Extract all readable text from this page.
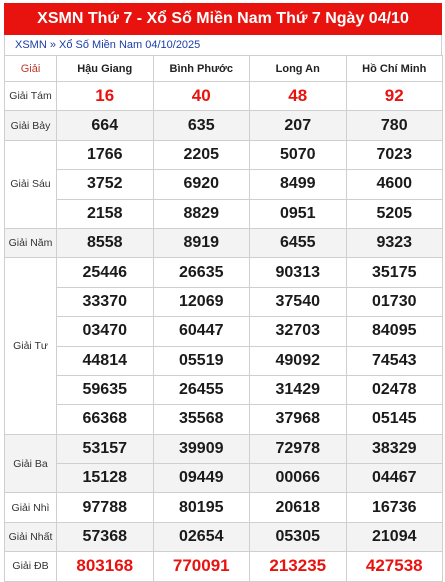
XSMN Thứ 7 - Xổ Số Miền Nam Thứ 7 Ngày 04/10
XSMN » Xổ Số Miền Nam 04/10/2025
Giải	Hậu Giang	Bình Phước	Long An	Hồ Chí Minh
Giải Tám	16	40	48	92
Giải Bảy	664	635	207	780
Giải Sáu	1766	2205	5070	7023
	3752	6920	8499	4600
	2158	8829	0951	5205
Giải Năm	8558	8919	6455	9323
Giải Tư	25446	26635	90313	35175
	33370	12069	37540	01730
	03470	60447	32703	84095
	44814	05519	49092	74543
	59635	26455	31429	02478
	66368	35568	37968	05145
Giải Ba	53157	39909	72978	38329
	15128	09449	00066	04467
Giải Nhì	97788	80195	20618	16736
Giải Nhất	57368	02654	05305	21094
Giải ĐB	803168	770091	213235	427538
